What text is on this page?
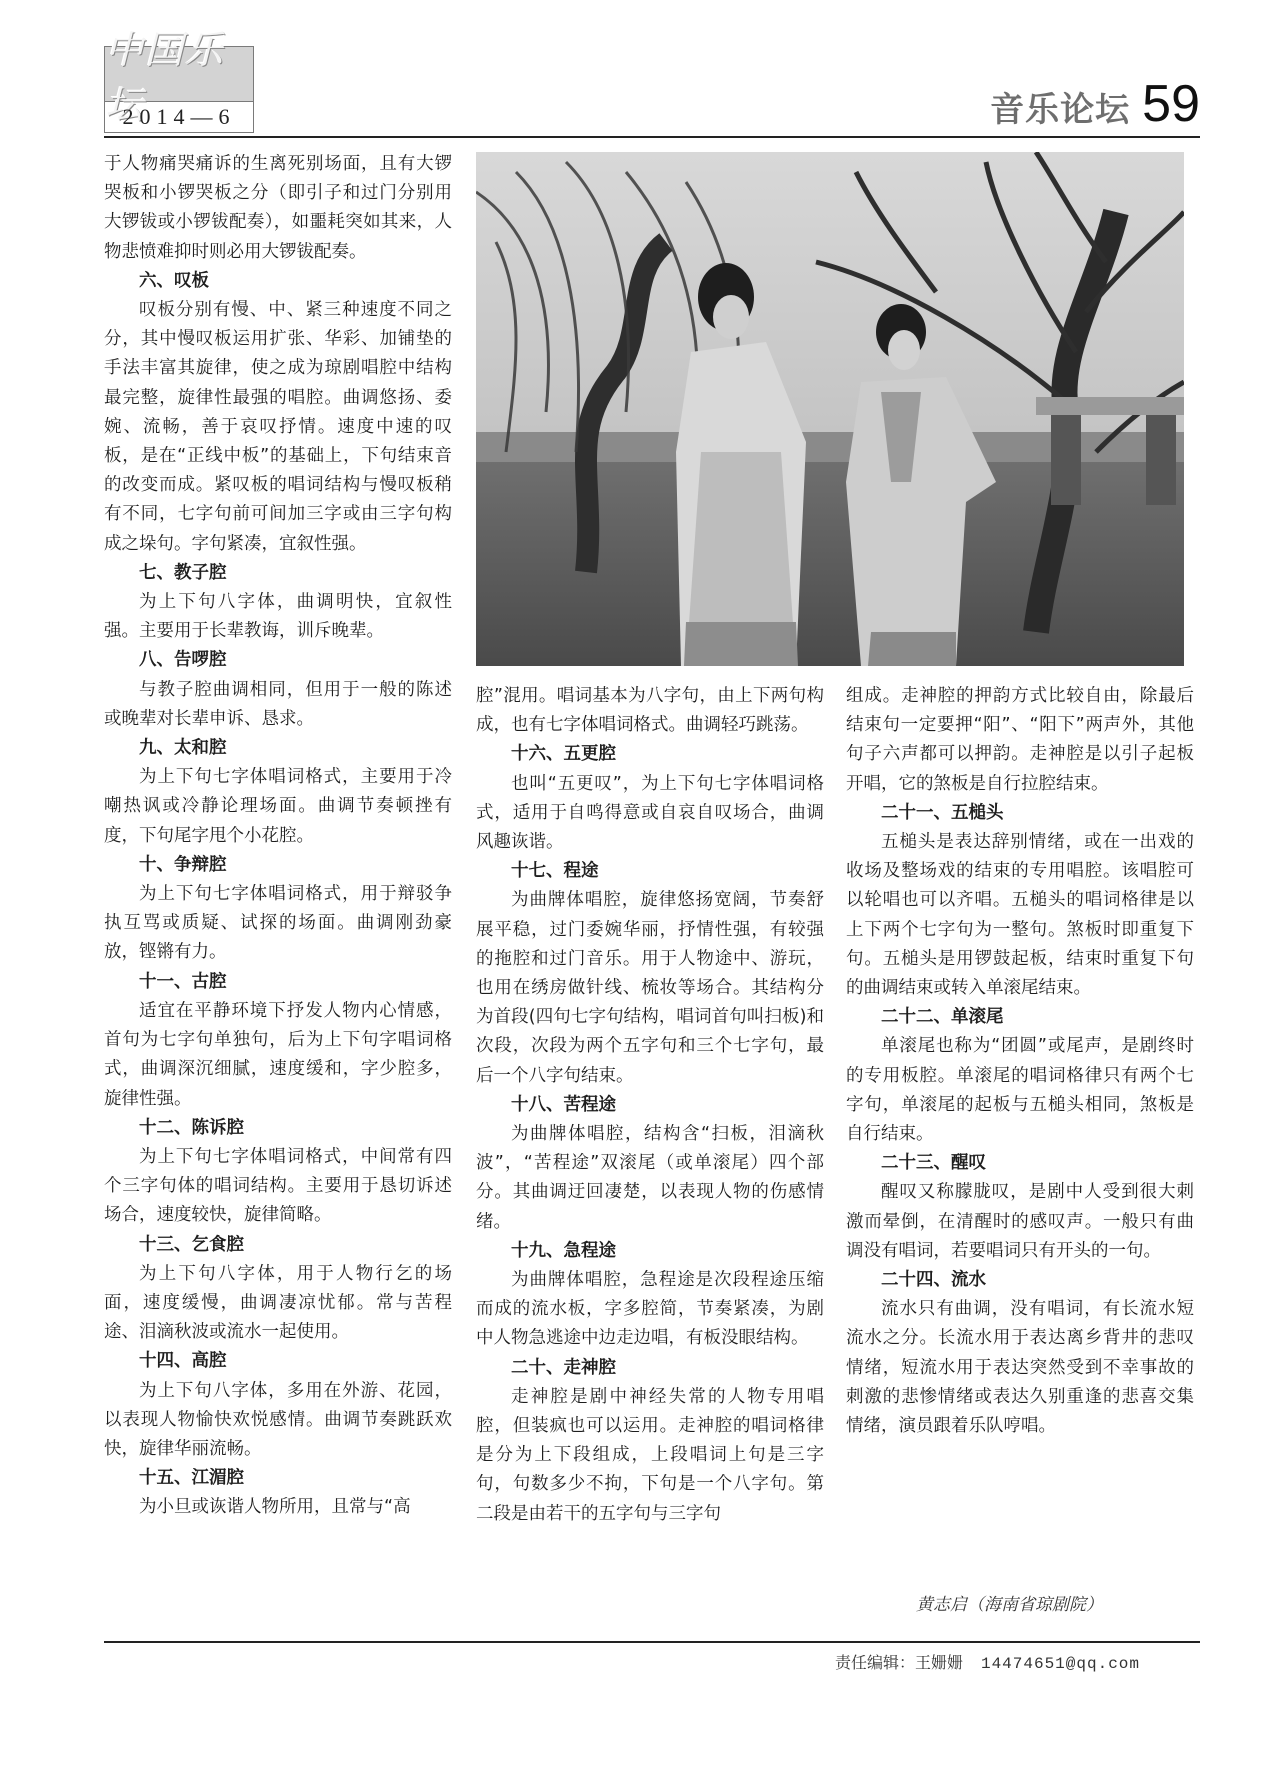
中国乐坛
2014—6	音乐论坛 59

于人物痛哭痛诉的生离死别场面，且有大锣哭板和小锣哭板之分（即引子和过门分别用大锣钹或小锣钹配奏），如噩耗突如其来，人物悲愤难抑时则必用大锣钹配奏。

六、叹板

叹板分别有慢、中、紧三种速度不同之分，其中慢叹板运用扩张、华彩、加铺垫的手法丰富其旋律，使之成为琼剧唱腔中结构最完整，旋律性最强的唱腔。曲调悠扬、委婉、流畅，善于哀叹抒情。速度中速的叹板，是在“正线中板”的基础上，下句结束音的改变而成。紧叹板的唱词结构与慢叹板稍有不同，七字句前可间加三字或由三字句构成之垛句。字句紧凑，宜叙性强。

七、教子腔

为上下句八字体，曲调明快，宜叙性强。主要用于长辈教诲，训斥晚辈。

八、告啰腔

与教子腔曲调相同，但用于一般的陈述或晚辈对长辈申诉、恳求。

九、太和腔

为上下句七字体唱词格式，主要用于冷嘲热讽或冷静论理场面。曲调节奏顿挫有度，下句尾字甩个小花腔。

十、争辩腔

为上下句七字体唱词格式，用于辩驳争执互骂或质疑、试探的场面。曲调刚劲豪放，铿锵有力。

十一、古腔

适宜在平静环境下抒发人物内心情感，首句为七字句单独句，后为上下句字唱词格式，曲调深沉细腻，速度缓和，字少腔多，旋律性强。

十二、陈诉腔

为上下句七字体唱词格式，中间常有四个三字句体的唱词结构。主要用于恳切诉述场合，速度较快，旋律简略。

十三、乞食腔

为上下句八字体，用于人物行乞的场面，速度缓慢，曲调凄凉忧郁。常与苦程途、泪滴秋波或流水一起使用。

十四、高腔

为上下句八字体，多用在外游、花园，以表现人物愉快欢悦感情。曲调节奏跳跃欢快，旋律华丽流畅。

十五、江湄腔

为小旦或诙谐人物所用，且常与“高

腔”混用。唱词基本为八字句，由上下两句构成，也有七字体唱词格式。曲调轻巧跳荡。

十六、五更腔

也叫“五更叹”，为上下句七字体唱词格式，适用于自鸣得意或自哀自叹场合，曲调风趣诙谐。

十七、程途

为曲牌体唱腔，旋律悠扬宽阔，节奏舒展平稳，过门委婉华丽，抒情性强，有较强的拖腔和过门音乐。用于人物途中、游玩，也用在绣房做针线、梳妆等场合。其结构分为首段(四句七字句结构，唱词首句叫扫板)和次段，次段为两个五字句和三个七字句，最后一个八字句结束。

十八、苦程途

为曲牌体唱腔，结构含“扫板，泪滴秋波”，“苦程途”双滚尾（或单滚尾）四个部分。其曲调迂回凄楚，以表现人物的伤感情绪。

十九、急程途

为曲牌体唱腔，急程途是次段程途压缩而成的流水板，字多腔简，节奏紧凑，为剧中人物急逃途中边走边唱，有板没眼结构。

二十、走神腔

走神腔是剧中神经失常的人物专用唱腔，但装疯也可以运用。走神腔的唱词格律是分为上下段组成，上段唱词上句是三字句，句数多少不拘，下句是一个八字句。第二段是由若干的五字句与三字句

组成。走神腔的押韵方式比较自由，除最后结束句一定要押“阳”、“阳下”两声外，其他句子六声都可以押韵。走神腔是以引子起板开唱，它的煞板是自行拉腔结束。

二十一、五槌头

五槌头是表达辞别情绪，或在一出戏的收场及整场戏的结束的专用唱腔。该唱腔可以轮唱也可以齐唱。五槌头的唱词格律是以上下两个七字句为一整句。煞板时即重复下句。五槌头是用锣鼓起板，结束时重复下句的曲调结束或转入单滚尾结束。

二十二、单滚尾

单滚尾也称为“团圆”或尾声，是剧终时的专用板腔。单滚尾的唱词格律只有两个七字句，单滚尾的起板与五槌头相同，煞板是自行结束。

二十三、醒叹

醒叹又称朦胧叹，是剧中人受到很大刺激而晕倒，在清醒时的感叹声。一般只有曲调没有唱词，若要唱词只有开头的一句。

二十四、流水

流水只有曲调，没有唱词，有长流水短流水之分。长流水用于表达离乡背井的悲叹情绪，短流水用于表达突然受到不幸事故的刺激的悲惨情绪或表达久别重逢的悲喜交集情绪，演员跟着乐队哼唱。

黄志启（海南省琼剧院）
责任编辑：王姗姗 14474651@qq.com
